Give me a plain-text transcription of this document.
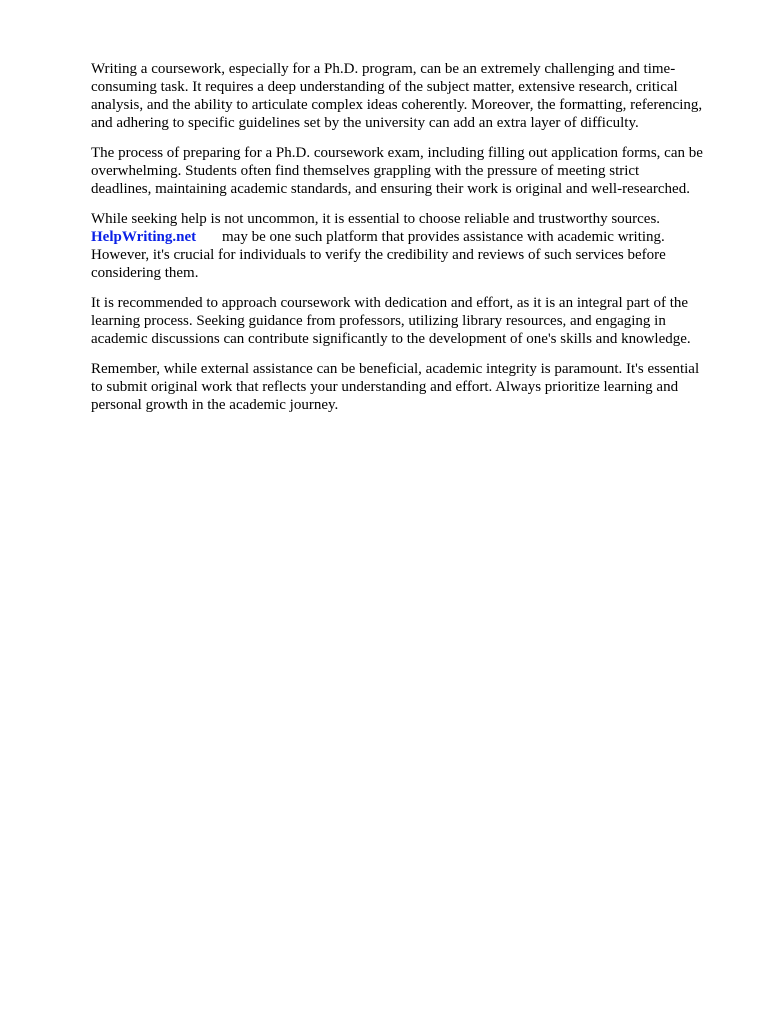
Writing a coursework, especially for a Ph.D. program, can be an extremely challenging and time-
consuming task. It requires a deep understanding of the subject matter, extensive research, critical
analysis, and the ability to articulate complex ideas coherently. Moreover, the formatting, referencing,
and adhering to specific guidelines set by the university can add an extra layer of difficulty.

The process of preparing for a Ph.D. coursework exam, including filling out application forms, can be
overwhelming. Students often find themselves grappling with the pressure of meeting strict
deadlines, maintaining academic standards, and ensuring their work is original and well-researched.

While seeking help is not uncommon, it is essential to choose reliable and trustworthy sources.
HelpWriting.net may be one such platform that provides assistance with academic writing.
However, it's crucial for individuals to verify the credibility and reviews of such services before
considering them.

It is recommended to approach coursework with dedication and effort, as it is an integral part of the
learning process. Seeking guidance from professors, utilizing library resources, and engaging in
academic discussions can contribute significantly to the development of one's skills and knowledge.

Remember, while external assistance can be beneficial, academic integrity is paramount. It's essential
to submit original work that reflects your understanding and effort. Always prioritize learning and
personal growth in the academic journey.
